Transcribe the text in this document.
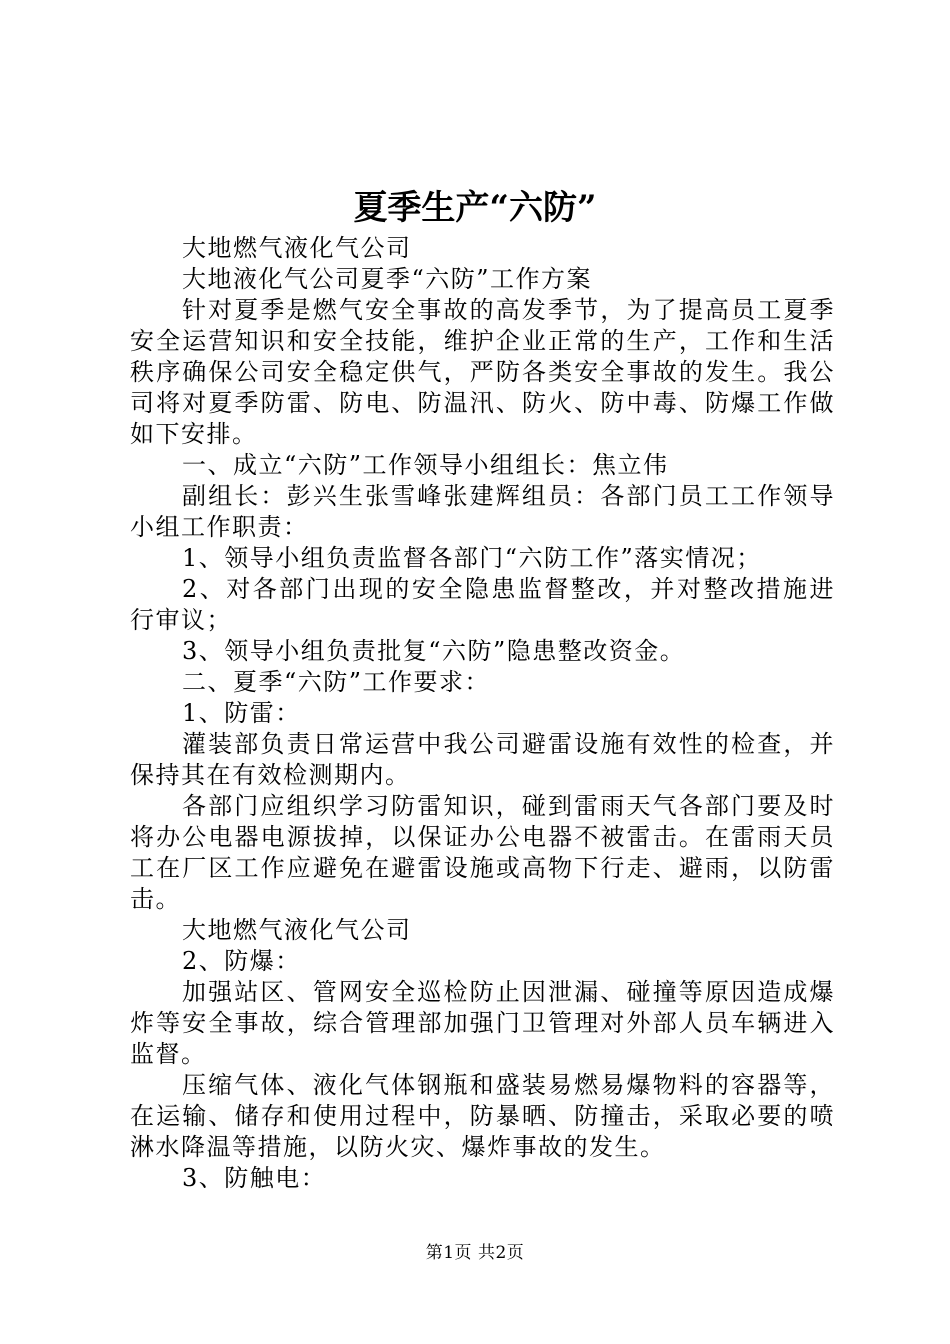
夏季生产“六防”

大地燃气液化气公司

大地液化气公司夏季“六防”工作方案

针对夏季是燃气安全事故的高发季节，为了提高员工夏季安全运营知识和安全技能，维护企业正常的生产，工作和生活秩序确保公司安全稳定供气，严防各类安全事故的发生。我公司将对夏季防雷、防电、防温汛、防火、防中毒、防爆工作做如下安排。

一、成立“六防”工作领导小组组长：焦立伟

副组长：彭兴生张雪峰张建辉组员：各部门员工工作领导小组工作职责：

1、领导小组负责监督各部门“六防工作”落实情况；

2、对各部门出现的安全隐患监督整改，并对整改措施进行审议；

3、领导小组负责批复“六防”隐患整改资金。

二、夏季“六防”工作要求：

1、防雷：

灌装部负责日常运营中我公司避雷设施有效性的检查，并保持其在有效检测期内。

各部门应组织学习防雷知识，碰到雷雨天气各部门要及时将办公电器电源拔掉，以保证办公电器不被雷击。在雷雨天员工在厂区工作应避免在避雷设施或高物下行走、避雨，以防雷击。

大地燃气液化气公司

2、防爆：

加强站区、管网安全巡检防止因泄漏、碰撞等原因造成爆炸等安全事故，综合管理部加强门卫管理对外部人员车辆进入监督。

压缩气体、液化气体钢瓶和盛装易燃易爆物料的容器等，在运输、储存和使用过程中，防暴晒、防撞击，采取必要的喷淋水降温等措施，以防火灾、爆炸事故的发生。

3、防触电：

第1页 共2页
